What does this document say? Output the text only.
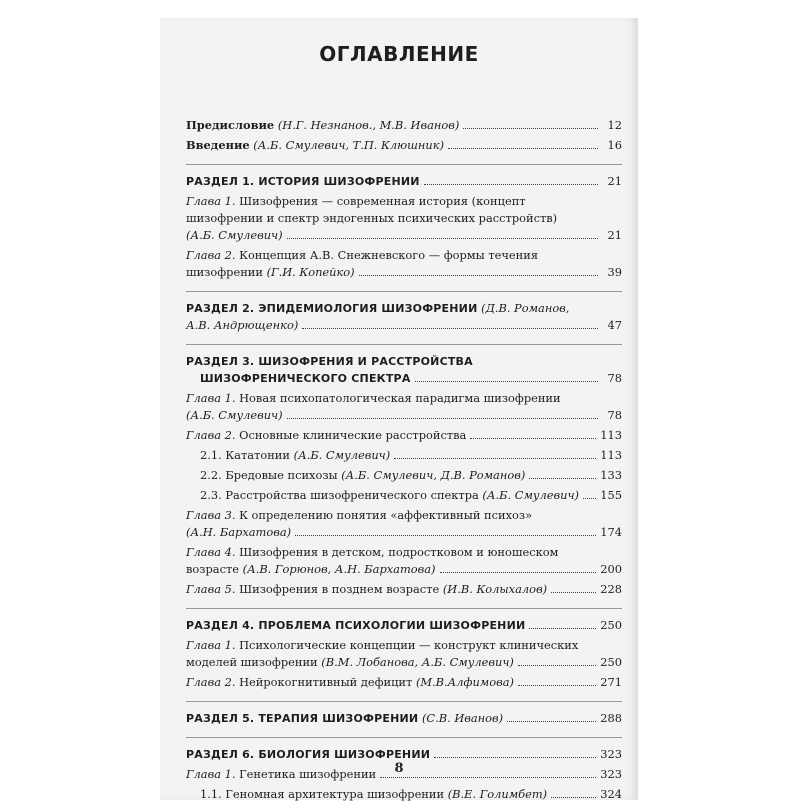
ОГЛАВЛЕНИЕ
Предисловие (Н.Г. Незнанов., М.В. Иванов)	12
Введение (А.Б. Смулевич, Т.П. Клюшник)	16
РАЗДЕЛ 1. ИСТОРИЯ ШИЗОФРЕНИИ	21
Глава 1. Шизофрения — современная история (концепт
шизофрении и спектр эндогенных психических расстройств)
(А.Б. Смулевич)	21
Глава 2. Концепция А.В. Снежневского — формы течения
шизофрении (Г.И. Копейко)	39
РАЗДЕЛ 2. ЭПИДЕМИОЛОГИЯ ШИЗОФРЕНИИ (Д.В. Романов,
А.В. Андрющенко)	47
РАЗДЕЛ 3. ШИЗОФРЕНИЯ И РАССТРОЙСТВА
ШИЗОФРЕНИЧЕСКОГО СПЕКТРА	78
Глава 1. Новая психопатологическая парадигма шизофрении
(А.Б. Смулевич)	78
Глава 2. Основные клинические расстройства	113
2.1. Кататонии (А.Б. Смулевич)	113
2.2. Бредовые психозы (А.Б. Смулевич, Д.В. Романов)	133
2.3. Расстройства шизофренического спектра (А.Б. Смулевич) 155
Глава 3. К определению понятия «аффективный психоз»
(А.Н. Бархатова)	174
Глава 4. Шизофрения в детском, подростковом и юношеском
возрасте (А.В. Горюнов, А.Н. Бархатова)	200
Глава 5. Шизофрения в позднем возрасте (И.В. Колыхалов)	228
РАЗДЕЛ 4. ПРОБЛЕМА ПСИХОЛОГИИ ШИЗОФРЕНИИ	250
Глава 1. Психологические концепции — конструкт клинических
моделей шизофрении (В.М. Лобанова, А.Б. Смулевич)	250
Глава 2. Нейрокогнитивный дефицит (М.В.Алфимова)	271
РАЗДЕЛ 5. ТЕРАПИЯ ШИЗОФРЕНИИ (С.В. Иванов)	288
РАЗДЕЛ 6. БИОЛОГИЯ ШИЗОФРЕНИИ	323
Глава 1. Генетика шизофрении	323
1.1. Геномная архитектура шизофрении (В.Е. Голимбет)	324
8
